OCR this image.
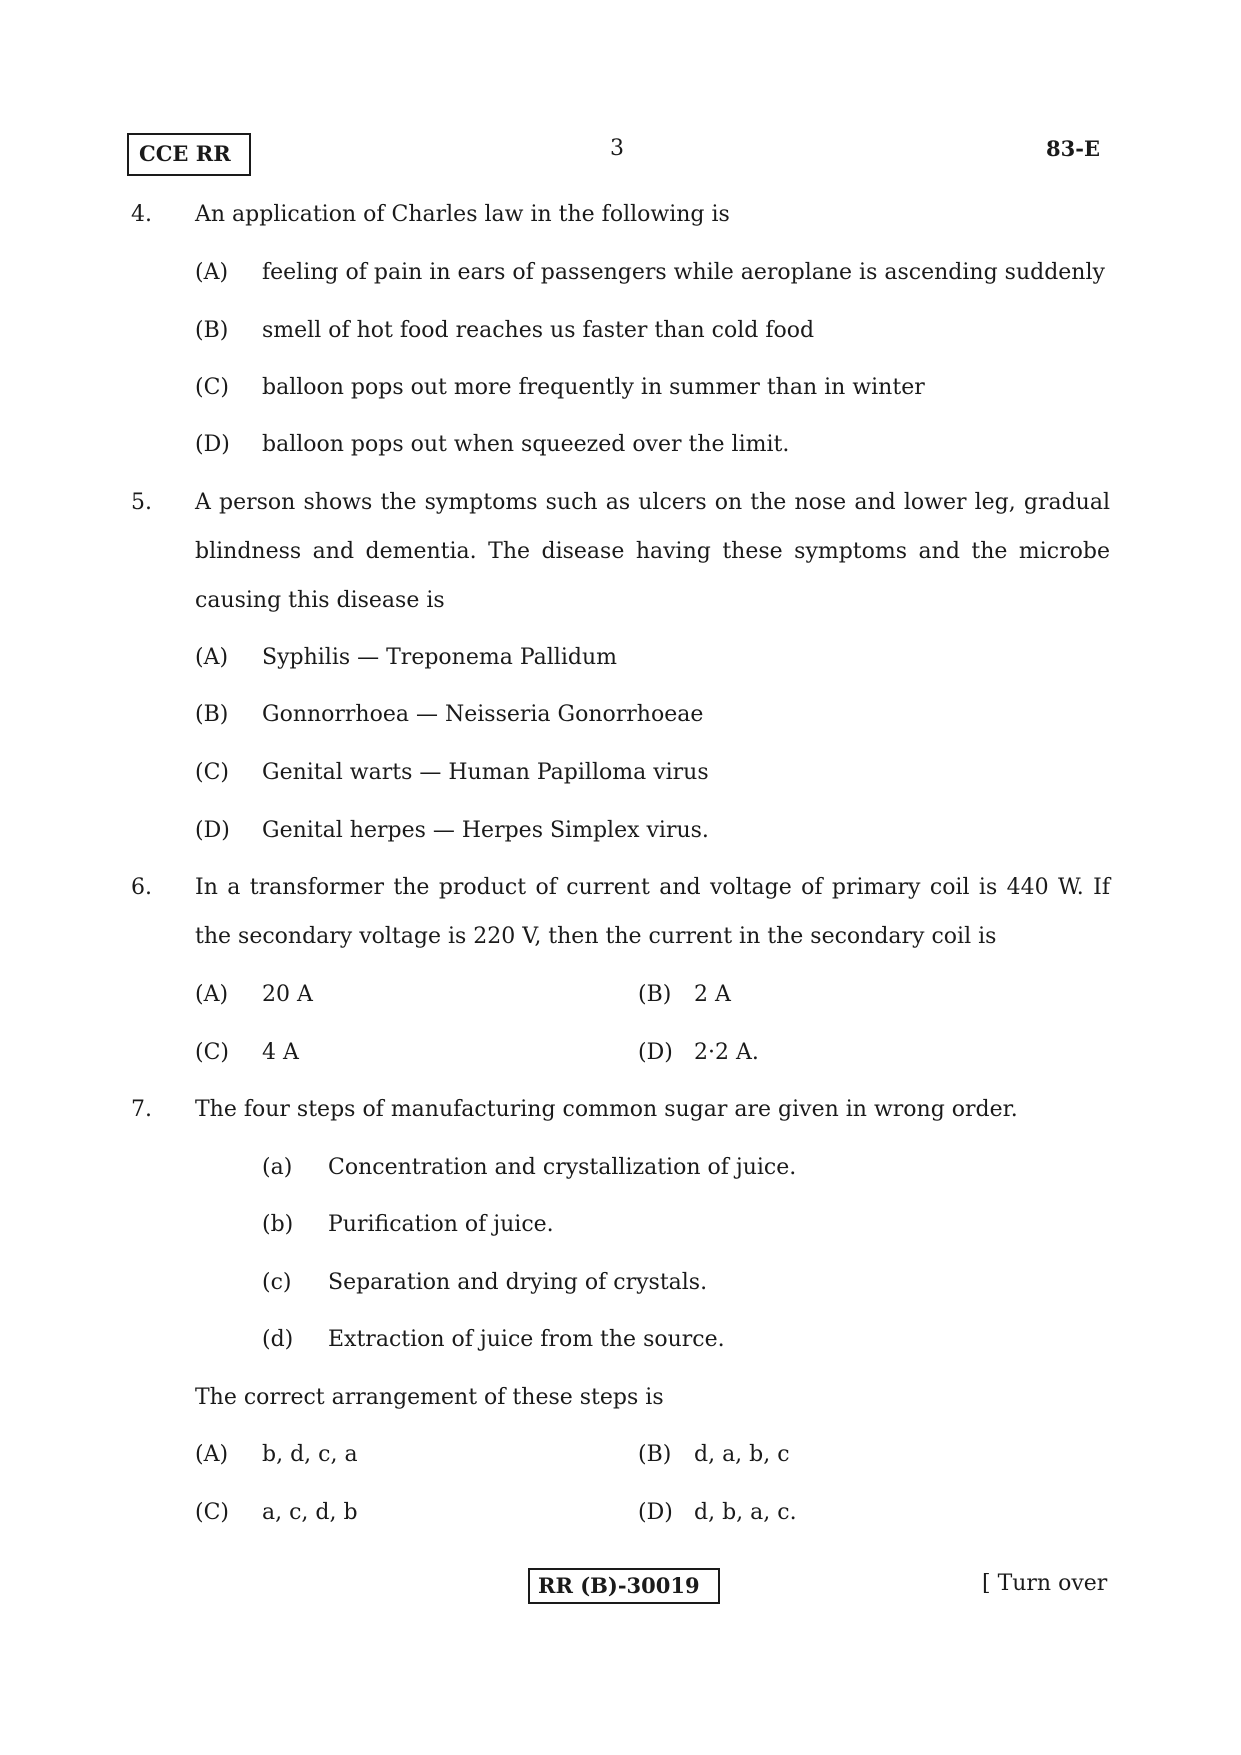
CCE RR	3	83-E
4.	An application of Charles law in the following is
(A)	feeling of pain in ears of passengers while aeroplane is ascending suddenly
(B)	smell of hot food reaches us faster than cold food
(C)	balloon pops out more frequently in summer than in winter
(D)	balloon pops out when squeezed over the limit.
5.	A person shows the symptoms such as ulcers on the nose and lower leg, gradual blindness and dementia. The disease having these symptoms and the microbe causing this disease is
(A)	Syphilis — Treponema Pallidum
(B)	Gonnorrhoea — Neisseria Gonorrhoeae
(C)	Genital warts — Human Papilloma virus
(D)	Genital herpes — Herpes Simplex virus.
6.	In a transformer the product of current and voltage of primary coil is 440 W. If the secondary voltage is 220 V, then the current in the secondary coil is
(A)	20 A	(B)	2 A
(C)	4 A	(D) 2·2 A.
7.	The four steps of manufacturing common sugar are given in wrong order.
(a) Concentration and crystallization of juice.
(b) Purification of juice.
(c) Separation and drying of crystals.
(d) Extraction of juice from the source.
The correct arrangement of these steps is
(A)	b, d, c, a	(B)	d, a, b, c
(C)	a, c, d, b	(D) d, b, a, c.
RR (B)-30019	[ Turn over
